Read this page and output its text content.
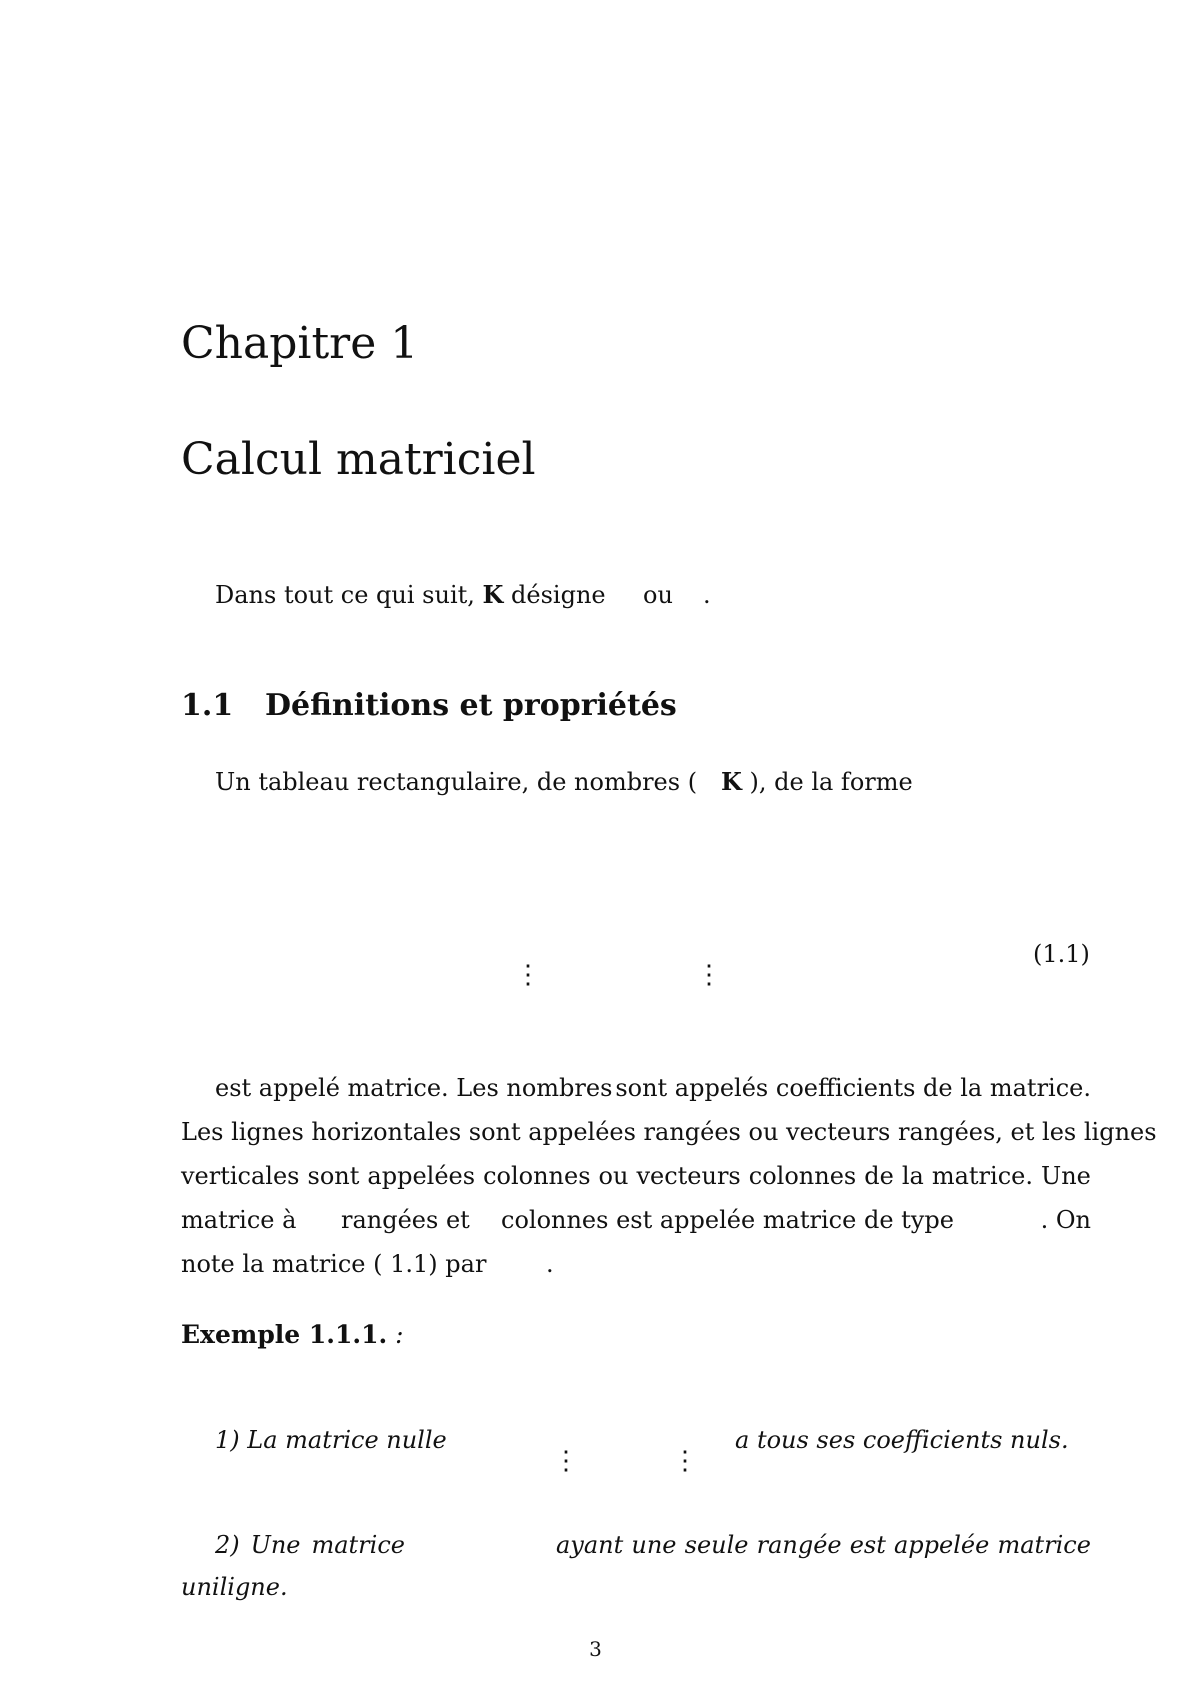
Chapitre 1
Calcul matriciel
Dans tout ce qui suit, K désigne ou .
1.1 Définitions et propriétés
Un tableau rectangulaire, de nombres ( K ), de la forme
⋮	⋮
(1.1)
est appelé matrice. Les nombres sont appelés coefficients de la matrice.
Les lignes horizontales sont appelées rangées ou vecteurs rangées, et les lignes
verticales sont appelées colonnes ou vecteurs colonnes de la matrice. Une
matrice à rangées et colonnes est appelée matrice de type	. On
note la matrice ( 1.1) par .
Exemple 1.1.1. :
1) La matrice nulle
⋮	⋮
a tous ses coefficients nuls.
2) Une matrice	ayant une seule rangée est appelée matrice
uniligne.
3
